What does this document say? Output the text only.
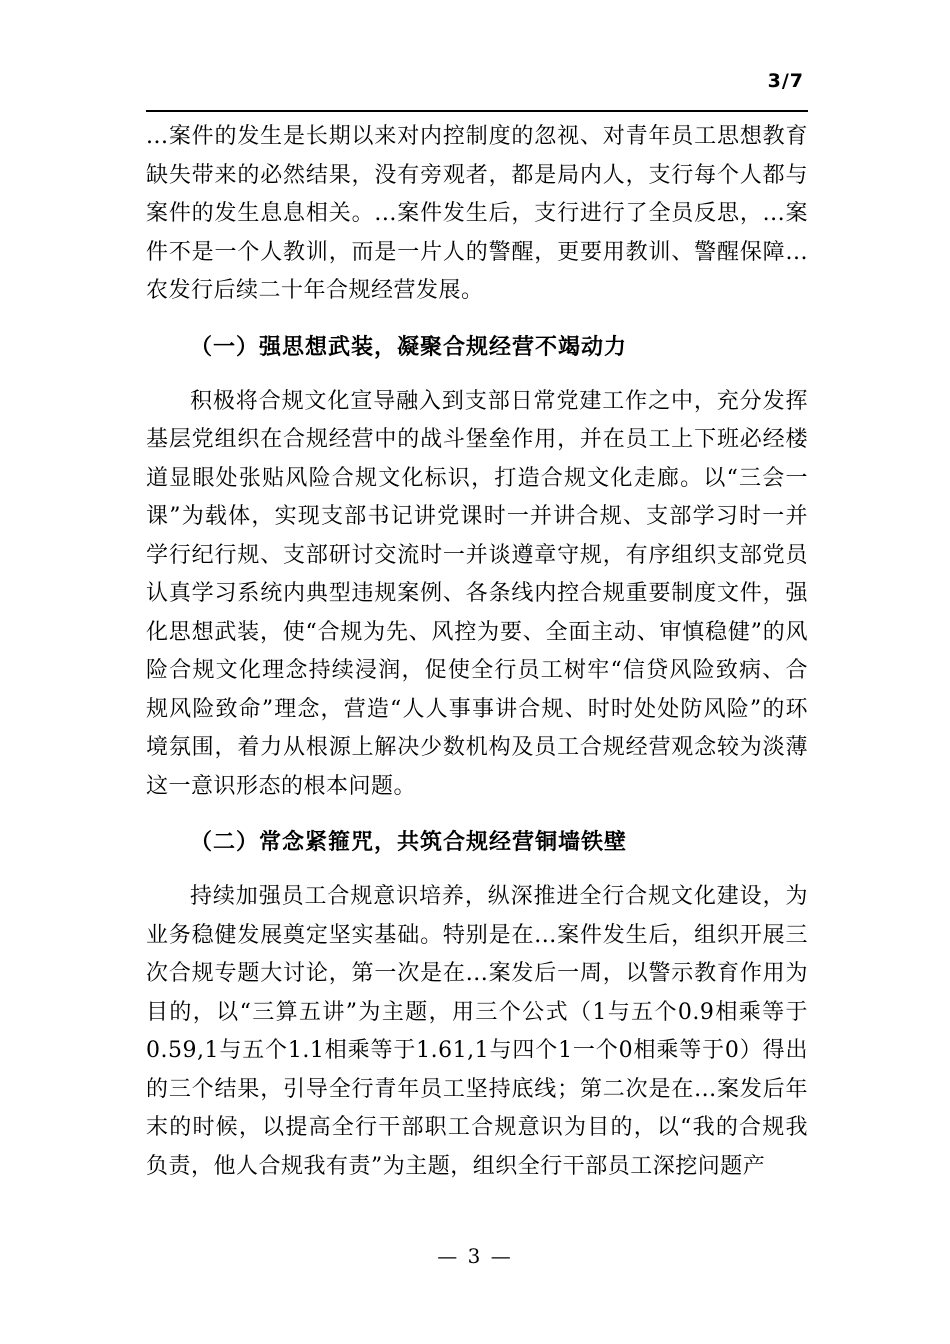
3/7

...案件的发生是长期以来对内控制度的忽视、对青年员工思想教育缺失带来的必然结果，没有旁观者，都是局内人，支行每个人都与案件的发生息息相关。...案件发生后，支行进行了全员反思，...案件不是一个人教训，而是一片人的警醒，更要用教训、警醒保障...农发行后续二十年合规经营发展。

（一）强思想武装，凝聚合规经营不竭动力

积极将合规文化宣导融入到支部日常党建工作之中，充分发挥基层党组织在合规经营中的战斗堡垒作用，并在员工上下班必经楼道显眼处张贴风险合规文化标识，打造合规文化走廊。以“三会一课”为载体，实现支部书记讲党课时一并讲合规、支部学习时一并学行纪行规、支部研讨交流时一并谈遵章守规，有序组织支部党员认真学习系统内典型违规案例、各条线内控合规重要制度文件，强化思想武装，使“合规为先、风控为要、全面主动、审慎稳健”的风险合规文化理念持续浸润，促使全行员工树牢“信贷风险致病、合规风险致命”理念，营造“人人事事讲合规、时时处处防风险”的环境氛围，着力从根源上解决少数机构及员工合规经营观念较为淡薄这一意识形态的根本问题。

（二）常念紧箍咒，共筑合规经营铜墙铁壁

持续加强员工合规意识培养，纵深推进全行合规文化建设，为业务稳健发展奠定坚实基础。特别是在...案件发生后，组织开展三次合规专题大讨论，第一次是在...案发后一周，以警示教育作用为目的，以“三算五讲”为主题，用三个公式（1与五个0.9相乘等于0.59,1与五个1.1相乘等于1.61,1与四个1一个0相乘等于0）得出的三个结果，引导全行青年员工坚持底线；第二次是在...案发后年末的时候，以提高全行干部职工合规意识为目的，以“我的合规我负责，他人合规我有责”为主题，组织全行干部员工深挖问题产

— 3 —
